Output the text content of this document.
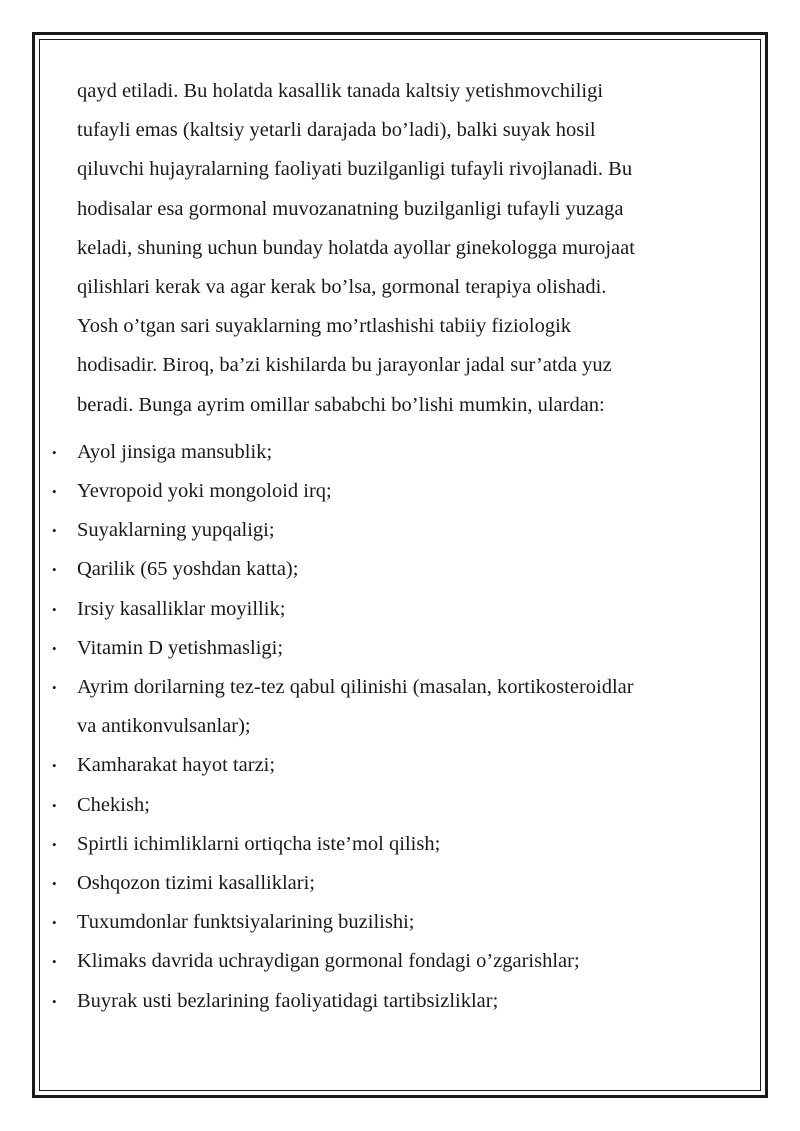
qayd etiladi. Bu holatda kasallik tanada kaltsiy yetishmovchiligi
tufayli emas (kaltsiy yetarli darajada bo’ladi), balki suyak hosil
qiluvchi hujayralarning faoliyati buzilganligi tufayli rivojlanadi. Bu
hodisalar esa gormonal muvozanatning buzilganligi tufayli yuzaga
keladi, shuning uchun bunday holatda ayollar ginekologga murojaat
qilishlari kerak va agar kerak bo’lsa, gormonal terapiya olishadi.
Yosh o’tgan sari suyaklarning mo’rtlashishi tabiiy fiziologik
hodisadir. Biroq, ba’zi kishilarda bu jarayonlar jadal sur’atda yuz
beradi. Bunga ayrim omillar sababchi bo’lishi mumkin, ulardan:
• Ayol jinsiga mansublik;
• Yevropoid yoki mongoloid irq;
• Suyaklarning yupqaligi;
• Qarilik (65 yoshdan katta);
• Irsiy kasalliklar moyillik;
• Vitamin D yetishmasligi;
• Ayrim dorilarning tez-tez qabul qilinishi (masalan, kortikosteroidlar
va antikonvulsanlar);
• Kamharakat hayot tarzi;
• Chekish;
• Spirtli ichimliklarni ortiqcha iste’mol qilish;
• Oshqozon tizimi kasalliklari;
• Tuxumdonlar funktsiyalarining buzilishi;
• Klimaks davrida uchraydigan gormonal fondagi o’zgarishlar;
• Buyrak usti bezlarining faoliyatidagi tartibsizliklar;
